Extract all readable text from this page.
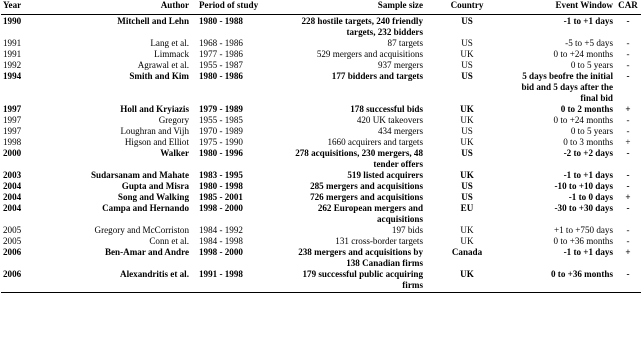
Year	Author	Period of study	Sample size	Country	Event Window	CAR
1990	Mitchell and Lehn	1980 - 1988	228 hostile targets, 240 friendly targets, 232 bidders	US	-1 to +1 days	-
1991	Lang et al.	1968 - 1986	87 targets	US	-5 to +5 days	-
1991	Limmack	1977 - 1986	529 mergers and acquisitions	UK	0 to +24 months	-
1992	Agrawal et al.	1955 - 1987	937 mergers	US	0 to 5 years	-
1994	Smith and Kim	1980 - 1986	177 bidders and targets	US	5 days beofre the initial bid and 5 days after the final bid	-
1997	Holl and Kryiazis	1979 - 1989	178 successful bids	UK	0 to 2 months	+
1997	Gregory	1955 - 1985	420 UK takeovers	UK	0 to +24 months	-
1997	Loughran and Vijh	1970 - 1989	434 mergers	US	0 to 5 years	-
1998	Higson and Elliot	1975 - 1990	1660 acquirers and targets	UK	0 to 3 months	+
2000	Walker	1980 - 1996	278 acquisitions, 230 mergers, 48 tender offers	US	-2 to +2 days	-
2003	Sudarsanam and Mahate	1983 - 1995	519 listed acquirers	UK	-1 to +1 days	-
2004	Gupta and Misra	1980 - 1998	285 mergers and acquisitions	US	-10 to +10 days	-
2004	Song and Walking	1985 - 2001	726 mergers and acquisitions	US	-1 to 0 days	+
2004	Campa and Hernando	1998 - 2000	262 European mergers and acquisitions	EU	-30 to +30 days	-
2005	Gregory and McCorriston	1984 - 1992	197 bids	UK	+1 to +750 days	-
2005	Conn et al.	1984 - 1998	131 cross-border targets	UK	0 to +36 months	-
2006	Ben-Amar and Andre	1998 - 2000	238 mergers and acquisitions by 138 Canadian firms	Canada	-1 to +1 days	+
2006	Alexandritis et al.	1991 - 1998	179 successful public acquiring firms	UK	0 to +36 months	-
